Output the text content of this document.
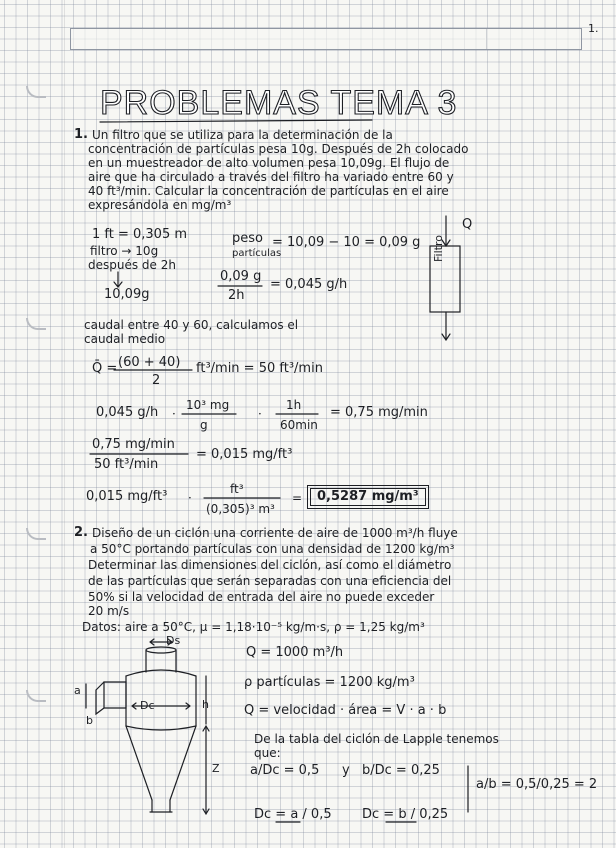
1.
PROBLEMAS TEMA 3
1. Un filtro que se utiliza para la determinación de la
concentración de partículas pesa 10g. Después de 2h colocado
en un muestreador de alto volumen pesa 10,09g. El flujo de
aire que ha circulado a través del filtro ha variado entre 60 y
40 ft³/min. Calcular la concentración de partículas en el aire
expresándola en mg/m³
1 ft = 0,305 m
filtro → 10g
después de 2h
10,09g
peso
partículas
= 10,09 − 10 = 0,09 g
0,09 g
2h
= 0,045 g/h
Filtro
Q
caudal entre 40 y 60, calculamos el
caudal medio
Q̄ = (60 + 40)
2
ft³/min = 50 ft³/min
0,045 g/h 10³ mg
g
1h
60min
= 0,75 mg/min
0,75 mg/min
50 ft³/min
= 0,015 mg/ft³
0,015 mg/ft³	ft³
(0,305)³ m³
0,5287 mg/m³
2. Diseño de un ciclón una corriente de aire de 1000 m³/h fluye
a 50°C portando partículas con una densidad de 1200 kg/m³
Determinar las dimensiones del ciclón, así como el diámetro
de las partículas que serán separadas con una eficiencia del
50% si la velocidad de entrada del aire no puede exceder
20 m/s
Datos: aire a 50°C, μ = 1,18·10⁻⁵ kg/m·s, ρ = 1,25 kg/m³
Q = 1000 m³/h
ρ partículas = 1200 kg/m³
Q = velocidad · área = V · a · b
De la tabla del ciclón de Lapple tenemos
que:
a/Dc = 0,5 y b/Dc = 0,25
a/b = 0,5/0,25 = 2
Dc = a / 0,5 Dc = b / 0,25
Ds
Dc
a
b
h
Z
·	·
·	=
